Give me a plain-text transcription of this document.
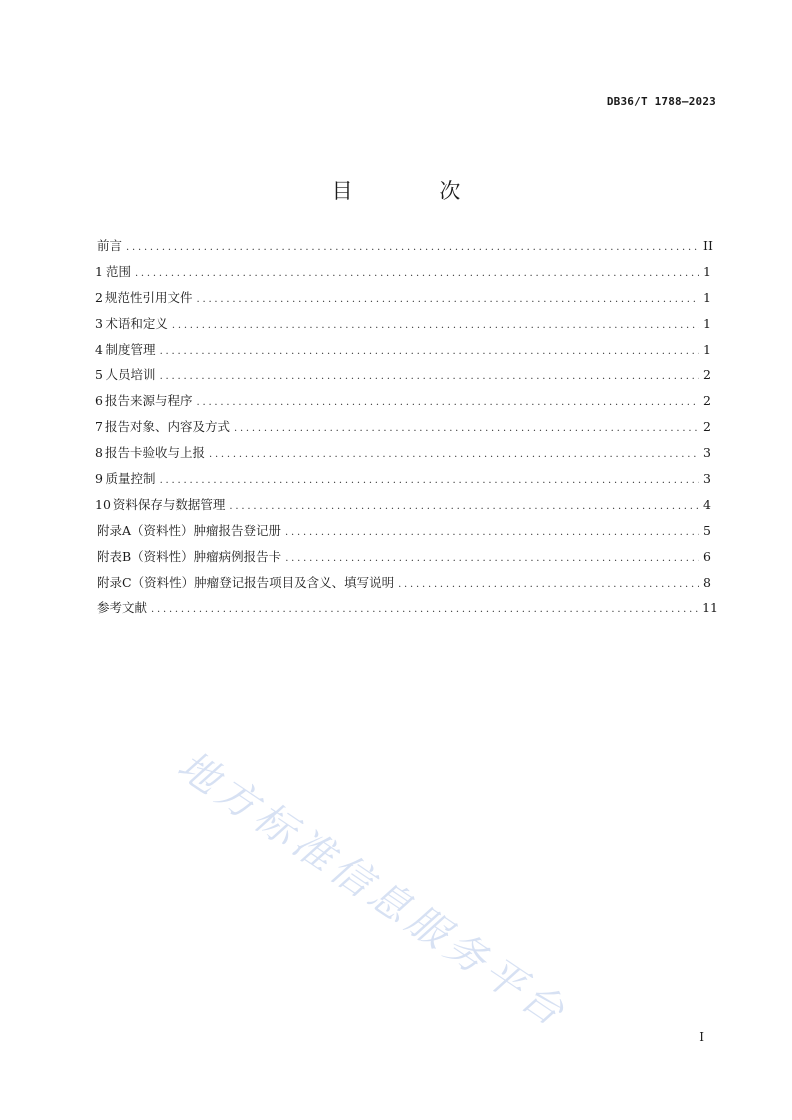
DB36/T 1788—2023
目 次
前言 .....	II
1 范围 .....	1
2 规范性引用文件 .....	1
3 术语和定义 .....	1
4 制度管理 .....	1
5 人员培训 .....	2
6 报告来源与程序 .....	2
7 报告对象、内容及方式 .....	2
8 报告卡验收与上报 .....	3
9 质量控制 .....	3
10 资料保存与数据管理 .....	4
附录A（资料性）肿瘤报告登记册 .....	5
附表B（资料性）肿瘤病例报告卡 .....	6
附录C（资料性）肿瘤登记报告项目及含义、填写说明 .....	8
参考文献 .....	11
地方标准信息服务平台	I
